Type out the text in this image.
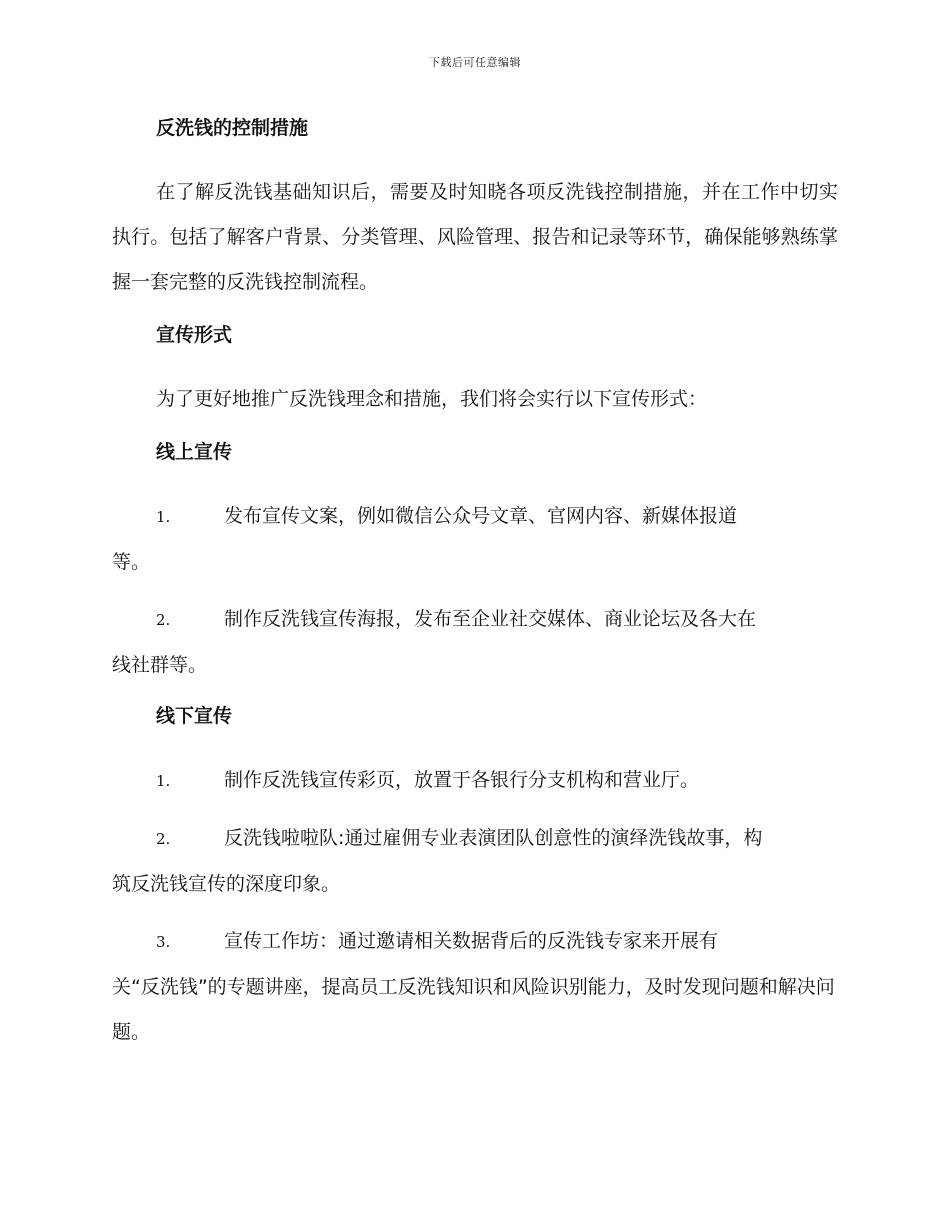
下载后可任意编辑
反洗钱的控制措施
在了解反洗钱基础知识后，需要及时知晓各项反洗钱控制措施，并在工作中切实执行。包括了解客户背景、分类管理、风险管理、报告和记录等环节，确保能够熟练掌握一套完整的反洗钱控制流程。
宣传形式
为了更好地推广反洗钱理念和措施，我们将会实行以下宣传形式：
线上宣传
1.	发布宣传文案，例如微信公众号文章、官网内容、新媒体报道
等。
2.	制作反洗钱宣传海报，发布至企业社交媒体、商业论坛及各大在
线社群等。
线下宣传
1.	制作反洗钱宣传彩页，放置于各银行分支机构和营业厅。
2.	反洗钱啦啦队:通过雇佣专业表演团队创意性的演绎洗钱故事，构
筑反洗钱宣传的深度印象。
3.	宣传工作坊：通过邀请相关数据背后的反洗钱专家来开展有
关“反洗钱”的专题讲座，提高员工反洗钱知识和风险识别能力，及时发现问题和解决问题。
